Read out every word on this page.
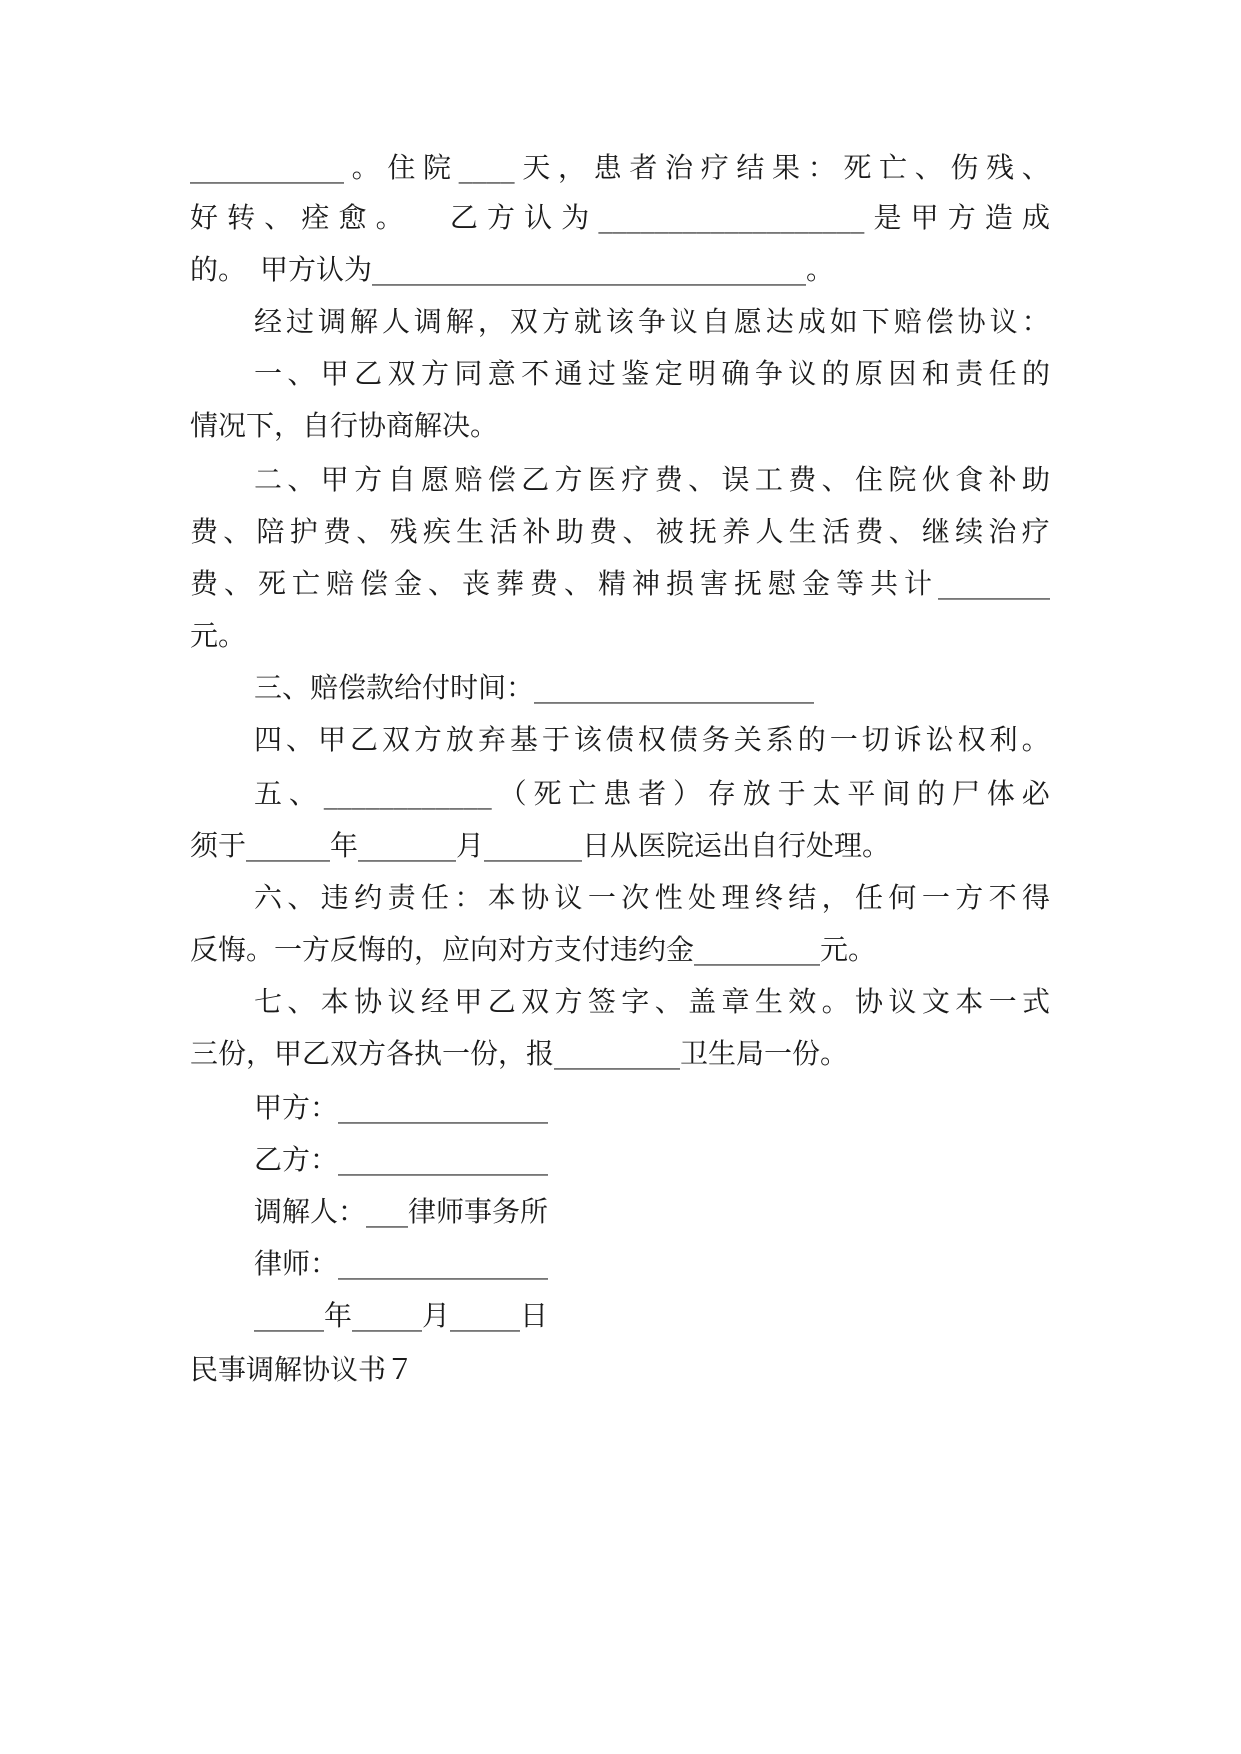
___________ 。 住 院 ____ 天 ， 患 者 治 疗 结 果 ： 死 亡 、 伤 残 、
好 转 、 痊 愈 。
　 乙 方 认 为 ___________________ 是 甲 方 造 成
的。　甲方认为_______________________________。
经 过 调 解 人 调 解 ， 双 方 就 该 争 议 自 愿 达 成 如 下 赔 偿 协 议 ：
一 、 甲 乙 双 方 同 意 不 通 过 鉴 定 明 确 争 议 的 原 因 和 责 任 的
情况下，自行协商解决。
二 、 甲 方 自 愿 赔 偿 乙 方 医 疗 费 、 误 工 费 、 住 院 伙 食 补 助
费 、 陪 护 费 、 残 疾 生 活 补 助 费 、 被 抚 养 人 生 活 费 、 继 续 治 疗
费 、 死 亡 赔 偿 金 、 丧 葬 费 、 精 神 损 害 抚 慰 金 等 共 计 ________
元。
三、赔偿款给付时间：____________________
四 、 甲 乙 双 方 放 弃 基 于 该 债 权 债 务 关 系 的 一 切 诉 讼 权 利 。
五 、 ____________ （ 死 亡 患 者 ） 存 放 于 太 平 间 的 尸 体 必
须于______年_______月_______日从医院运出自行处理。
六 、 违 约 责 任 ： 本 协 议 一 次 性 处 理 终 结 ， 任 何 一 方 不 得
反悔。一方反悔的，应向对方支付违约金_________元。
七 、 本 协 议 经 甲 乙 双 方 签 字 、 盖 章 生 效 。 协 议 文 本 一 式
三份，甲乙双方各执一份，报_________卫生局一份。
甲方：_______________
乙方：_______________
调解人：___律师事务所
律师：_______________
_____年_____月_____日
民事调解协议书７
